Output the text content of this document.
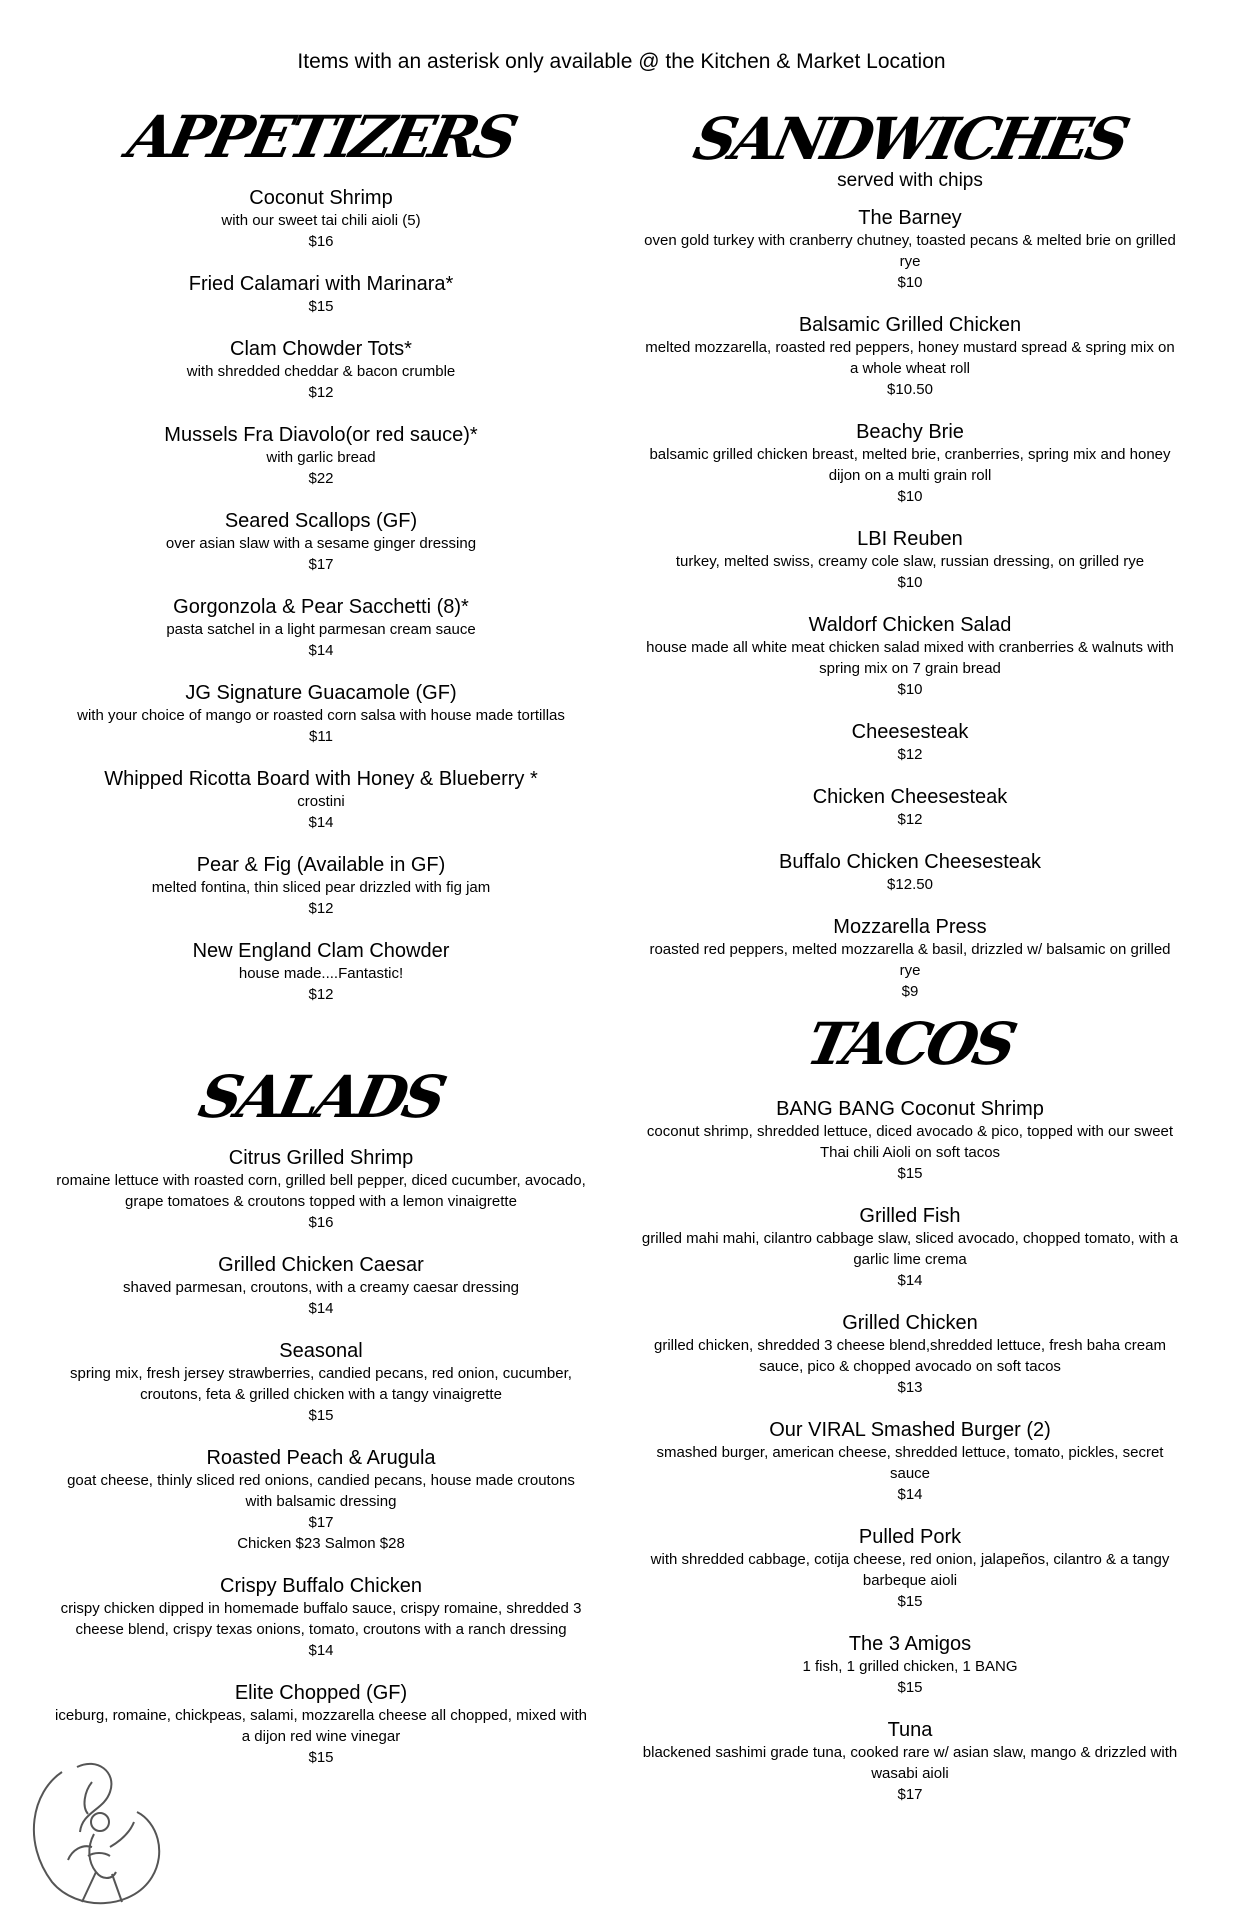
Items with an asterisk only available @ the Kitchen & Market Location
APPETIZERS
Coconut Shrimp
with our sweet tai chili aioli (5)
$16
Fried Calamari with Marinara*
$15
Clam Chowder Tots*
with shredded cheddar & bacon crumble
$12
Mussels Fra Diavolo(or red sauce)*
with garlic bread
$22
Seared Scallops (GF)
over asian slaw with a sesame ginger dressing
$17
Gorgonzola & Pear Sacchetti (8)*
pasta satchel in a light parmesan cream sauce
$14
JG Signature Guacamole (GF)
with your choice of mango or roasted corn salsa with house made tortillas
$11
Whipped Ricotta Board with Honey & Blueberry *
crostini
$14
Pear & Fig (Available in GF)
melted fontina, thin sliced pear drizzled with fig jam
$12
New England Clam Chowder
house made....Fantastic!
$12
SALADS
Citrus Grilled Shrimp
romaine lettuce with roasted corn, grilled bell pepper, diced cucumber, avocado, grape tomatoes & croutons topped with a lemon vinaigrette
$16
Grilled Chicken Caesar
shaved parmesan, croutons, with a creamy caesar dressing
$14
Seasonal
spring mix, fresh jersey strawberries, candied pecans, red onion, cucumber, croutons, feta & grilled chicken with a tangy vinaigrette
$15
Roasted Peach & Arugula
goat cheese, thinly sliced red onions, candied pecans, house made croutons with balsamic dressing
$17
Chicken $23 Salmon $28
Crispy Buffalo Chicken
crispy chicken dipped in homemade buffalo sauce, crispy romaine, shredded 3 cheese blend, crispy texas onions, tomato, croutons with a ranch dressing
$14
Elite Chopped (GF)
iceburg, romaine, chickpeas, salami, mozzarella cheese all chopped, mixed with a dijon red wine vinegar
$15
SANDWICHES
served with chips
The Barney
oven gold turkey with cranberry chutney, toasted pecans & melted brie on grilled rye
$10
Balsamic Grilled Chicken
melted mozzarella, roasted red peppers, honey mustard spread & spring mix on a whole wheat roll
$10.50
Beachy Brie
balsamic grilled chicken breast, melted brie, cranberries, spring mix and honey dijon on a multi grain roll
$10
LBI Reuben
turkey, melted swiss, creamy cole slaw, russian dressing, on grilled rye
$10
Waldorf Chicken Salad
house made all white meat chicken salad mixed with cranberries & walnuts with spring mix on 7 grain bread
$10
Cheesesteak
$12
Chicken Cheesesteak
$12
Buffalo Chicken Cheesesteak
$12.50
Mozzarella Press
roasted red peppers, melted mozzarella & basil, drizzled w/ balsamic on grilled rye
$9
TACOS
BANG BANG Coconut Shrimp
coconut shrimp, shredded lettuce, diced avocado & pico, topped with our sweet Thai chili Aioli on soft tacos
$15
Grilled Fish
grilled mahi mahi, cilantro cabbage slaw, sliced avocado, chopped tomato, with a garlic lime crema
$14
Grilled Chicken
grilled chicken, shredded 3 cheese blend,shredded lettuce, fresh baha cream sauce, pico & chopped avocado on soft tacos
$13
Our VIRAL Smashed Burger (2)
smashed burger, american cheese, shredded lettuce, tomato, pickles, secret sauce
$14
Pulled Pork
with shredded cabbage, cotija cheese, red onion, jalapeños, cilantro & a tangy barbeque aioli
$15
The 3 Amigos
1 fish, 1 grilled chicken, 1 BANG
$15
Tuna
blackened sashimi grade tuna, cooked rare w/ asian slaw, mango & drizzled with wasabi aioli
$17
